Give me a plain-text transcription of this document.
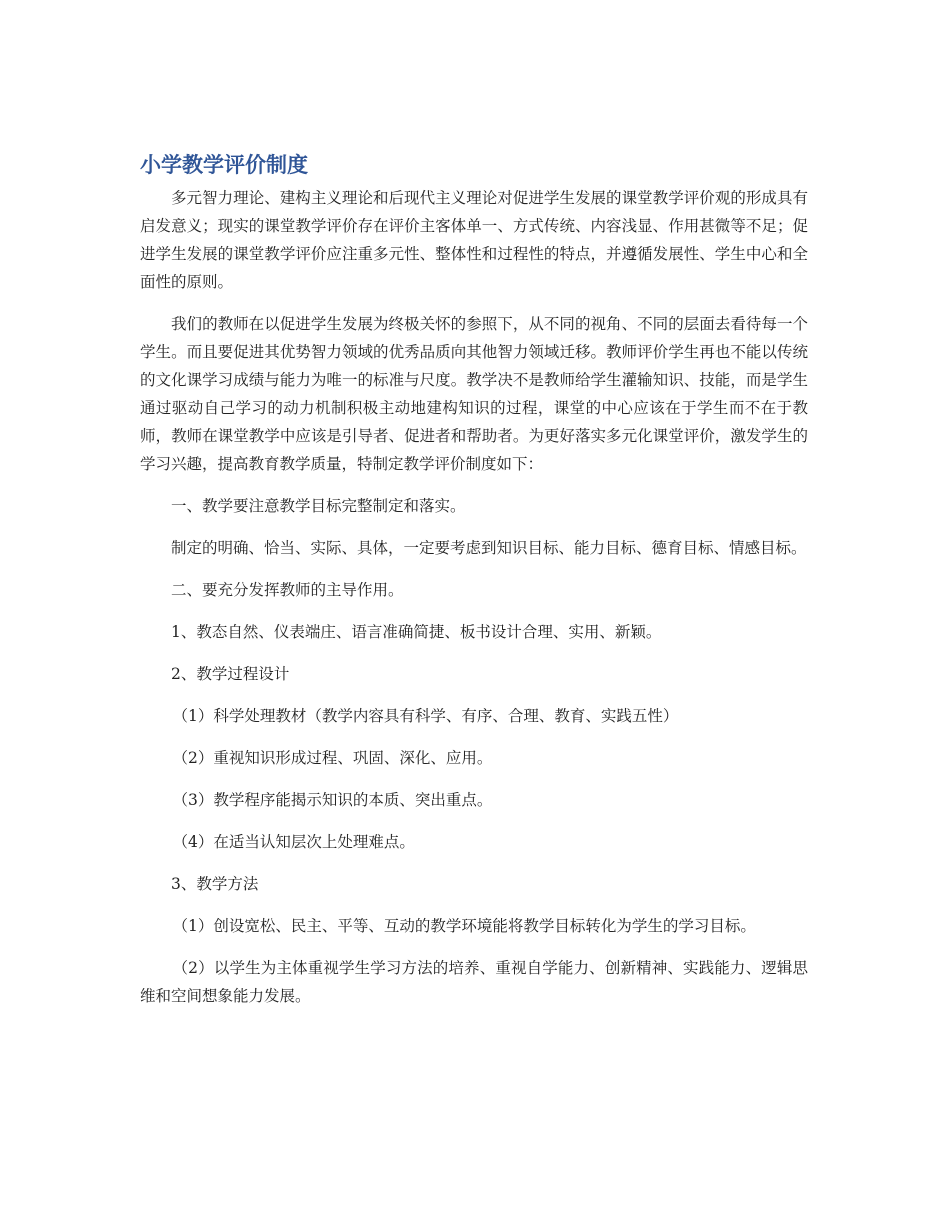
小学教学评价制度

多元智力理论、建构主义理论和后现代主义理论对促进学生发展的课堂教学评价观的形成具有启发意义；现实的课堂教学评价存在评价主客体单一、方式传统、内容浅显、作用甚微等不足；促进学生发展的课堂教学评价应注重多元性、整体性和过程性的特点，并遵循发展性、学生中心和全面性的原则。

我们的教师在以促进学生发展为终极关怀的参照下，从不同的视角、不同的层面去看待每一个学生。而且要促进其优势智力领域的优秀品质向其他智力领域迁移。教师评价学生再也不能以传统的文化课学习成绩与能力为唯一的标准与尺度。教学决不是教师给学生灌输知识、技能，而是学生通过驱动自己学习的动力机制积极主动地建构知识的过程，课堂的中心应该在于学生而不在于教师，教师在课堂教学中应该是引导者、促进者和帮助者。为更好落实多元化课堂评价，激发学生的学习兴趣，提高教育教学质量，特制定教学评价制度如下：

一、教学要注意教学目标完整制定和落实。

制定的明确、恰当、实际、具体，一定要考虑到知识目标、能力目标、德育目标、情感目标。

二、要充分发挥教师的主导作用。

1、教态自然、仪表端庄、语言准确简捷、板书设计合理、实用、新颖。

2、教学过程设计

（1）科学处理教材（教学内容具有科学、有序、合理、教育、实践五性）

（2）重视知识形成过程、巩固、深化、应用。

（3）教学程序能揭示知识的本质、突出重点。

（4）在适当认知层次上处理难点。

3、教学方法

（1）创设宽松、民主、平等、互动的教学环境能将教学目标转化为学生的学习目标。

（2）以学生为主体重视学生学习方法的培养、重视自学能力、创新精神、实践能力、逻辑思维和空间想象能力发展。
